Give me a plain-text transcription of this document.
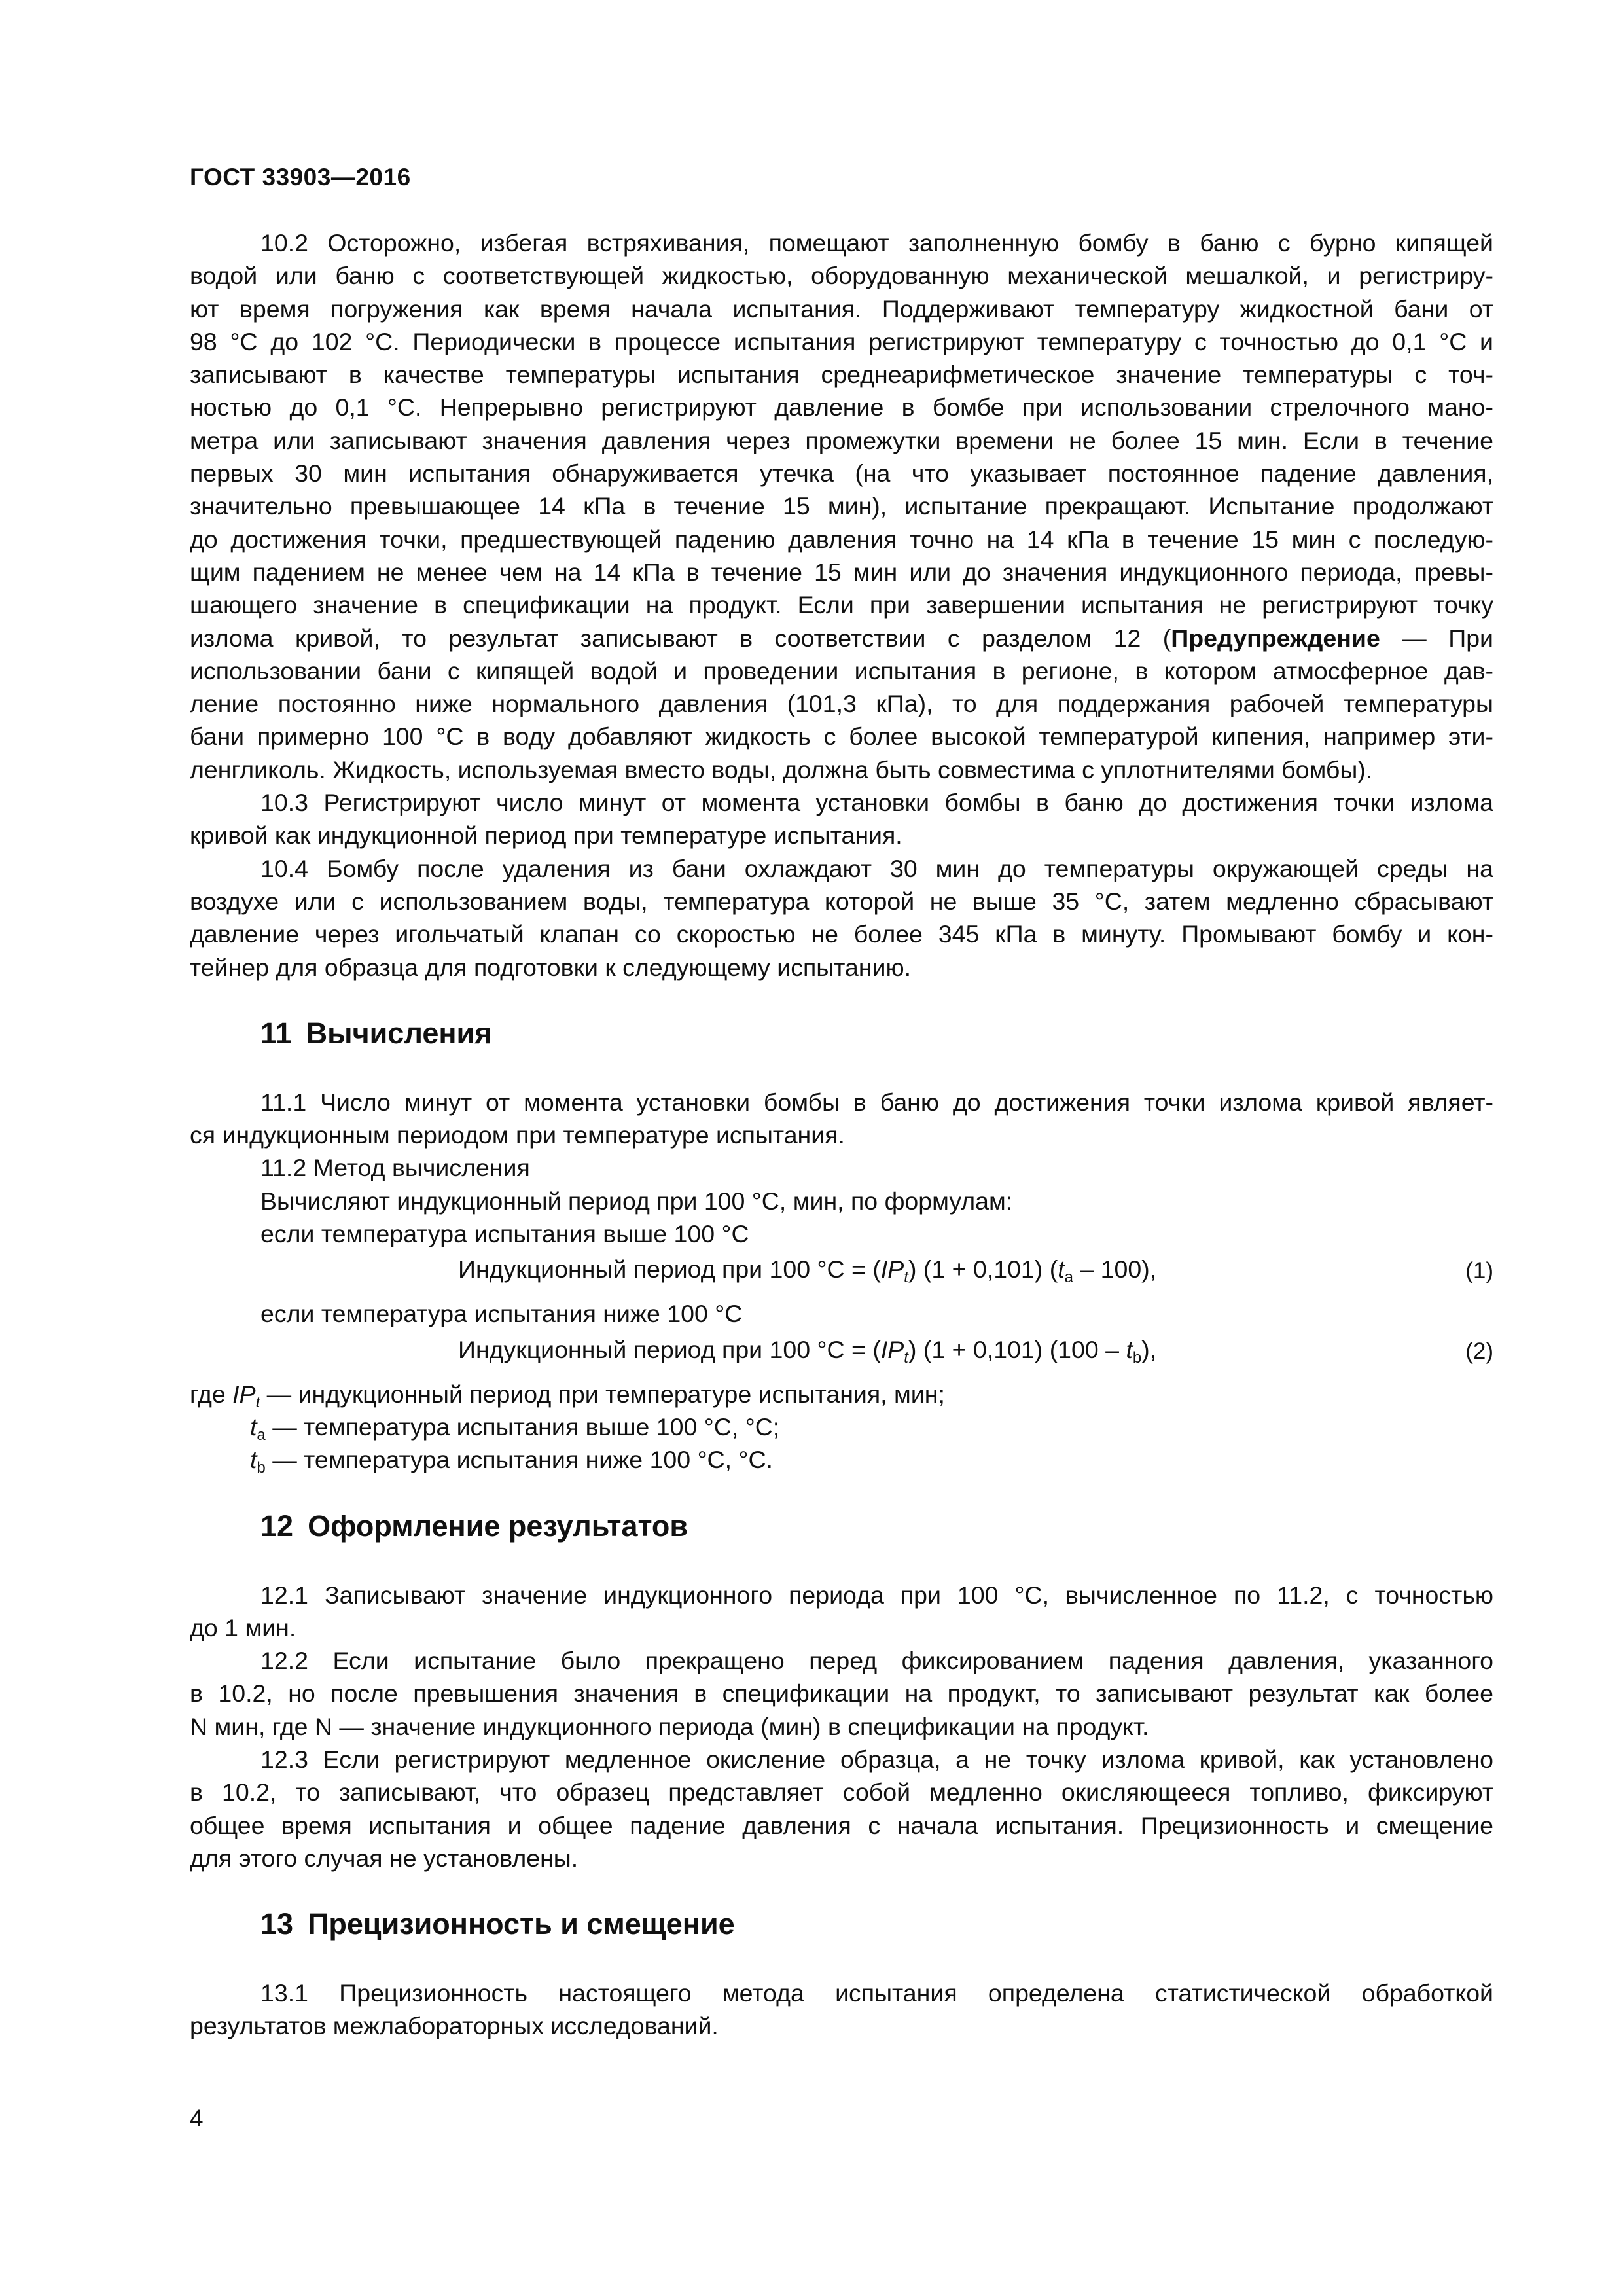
ГОСТ 33903—2016
10.2 Осторожно, избегая встряхивания, помещают заполненную бомбу в баню с бурно кипящей
водой или баню с соответствующей жидкостью, оборудованную механической мешалкой, и регистриру-
ют время погружения как время начала испытания. Поддерживают температуру жидкостной бани от
98 °C до 102 °C. Периодически в процессе испытания регистрируют температуру с точностью до 0,1 °C и
записывают в качестве температуры испытания среднеарифметическое значение температуры с точ-
ностью до 0,1 °C. Непрерывно регистрируют давление в бомбе при использовании стрелочного мано-
метра или записывают значения давления через промежутки времени не более 15 мин. Если в течение
первых 30 мин испытания обнаруживается утечка (на что указывает постоянное падение давления,
значительно превышающее 14 кПа в течение 15 мин), испытание прекращают. Испытание продолжают
до достижения точки, предшествующей падению давления точно на 14 кПа в течение 15 мин с последую-
щим падением не менее чем на 14 кПа в течение 15 мин или до значения индукционного периода, превы-
шающего значение в спецификации на продукт. Если при завершении испытания не регистрируют точку
излома кривой, то результат записывают в соответствии с разделом 12 (Предупреждение — При
использовании бани с кипящей водой и проведении испытания в регионе, в котором атмосферное дав-
ление постоянно ниже нормального давления (101,3 кПа), то для поддержания рабочей температуры
бани примерно 100 °C в воду добавляют жидкость с более высокой температурой кипения, например эти-
ленгликоль. Жидкость, используемая вместо воды, должна быть совместима с уплотнителями бомбы).
10.3 Регистрируют число минут от момента установки бомбы в баню до достижения точки излома
кривой как индукционной период при температуре испытания.
10.4 Бомбу после удаления из бани охлаждают 30 мин до температуры окружающей среды на
воздухе или с использованием воды, температура которой не выше 35 °C, затем медленно сбрасывают
давление через игольчатый клапан со скоростью не более 345 кПа в минуту. Промывают бомбу и кон-
тейнер для образца для подготовки к следующему испытанию.
11 Вычисления
11.1 Число минут от момента установки бомбы в баню до достижения точки излома кривой являет-
ся индукционным периодом при температуре испытания.

11.2 Метод вычисления

Вычисляют индукционный период при 100 °C, мин, по формулам:

если температура испытания выше 100 °C

Индукционный период при 100 $^\circ C = (IP_t) (1 + 0,101)$ $(t_a - 100)$,	(1)

если температура испытания ниже 100 °C

Индукционный период при 100 $^\circ C = (IP_t) (1 + 0,101)$ $(100 - t_b)$,	(2)
где $IP_t$ — индукционный период при температуре испытания, мин;
$t_a$ — температура испытания выше 100 °C, °C;
$t_b$ — температура испытания ниже 100 °C, °C.
12 Оформление результатов
12.1 Записывают значение индукционного периода при 100 °C, вычисленное по 11.2, с точностью
до 1 мин.
12.2 Если испытание было прекращено перед фиксированием падения давления, указанного
в 10.2, но после превышения значения в спецификации на продукт, то записывают результат как более
N мин, где N — значение индукционного периода (мин) в спецификации на продукт.
12.3 Если регистрируют медленное окисление образца, а не точку излома кривой, как установлено
в 10.2, то записывают, что образец представляет собой медленно окисляющееся топливо, фиксируют
общее время испытания и общее падение давления с начала испытания. Прецизионность и смещение
для этого случая не установлены.
13 Прецизионность и смещение
13.1 Прецизионность настоящего метода испытания определена статистической обработкой
результатов межлабораторных исследований.
4
